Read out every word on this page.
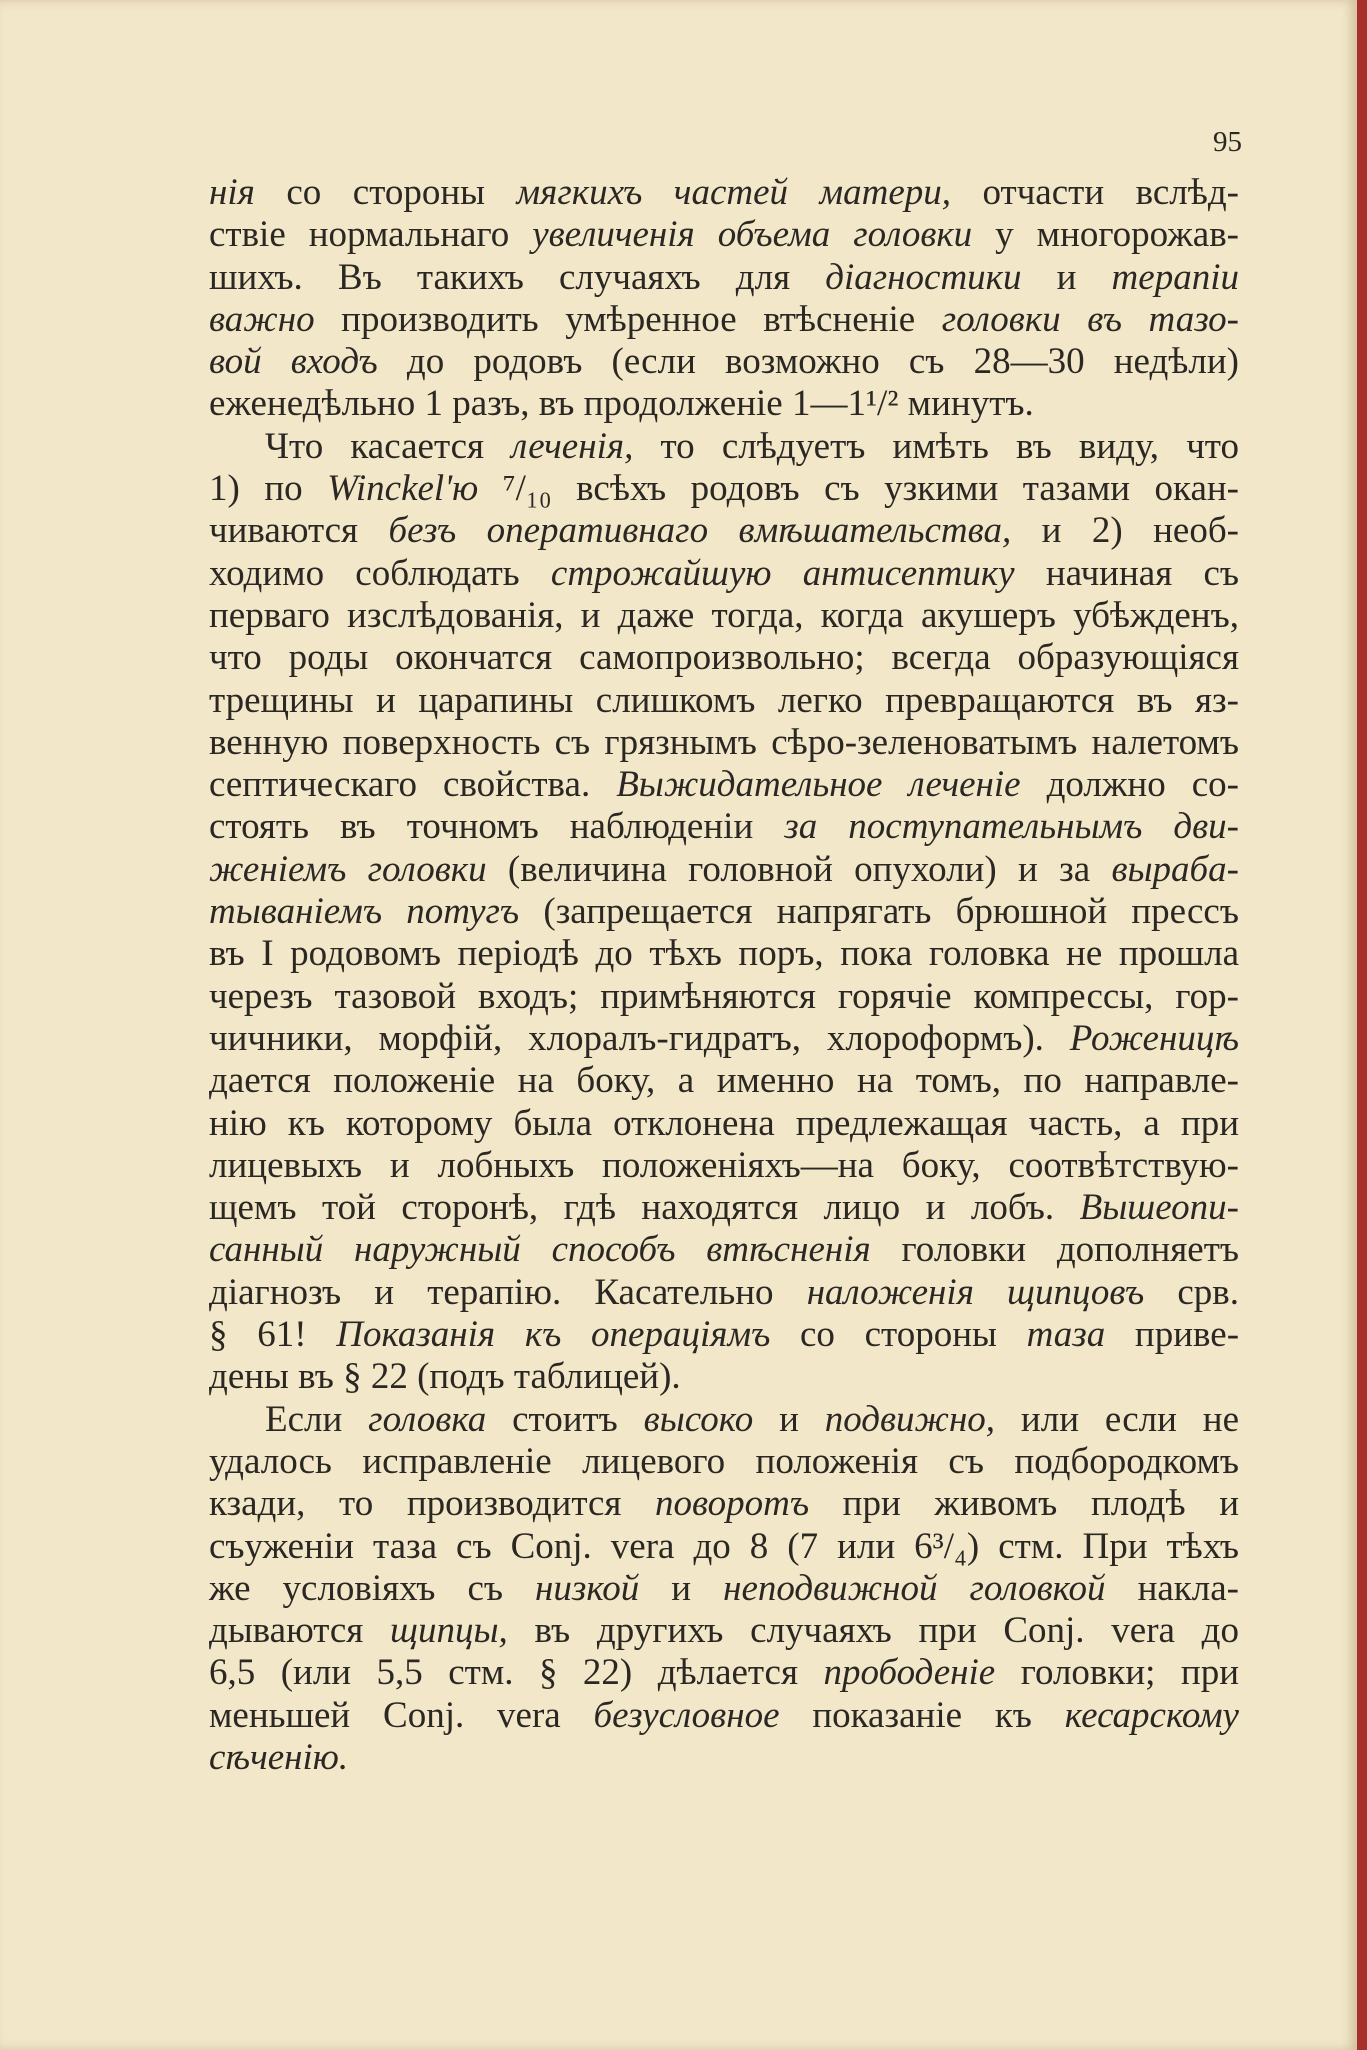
95
нія со стороны мягкихъ частей матери, отчасти вслѣд-
ствіе нормальнаго увеличенія объема головки у многорожав-
шихъ. Въ такихъ случаяхъ для діагностики и терапіи
важно производить умѣренное втѣсненіе головки въ тазо-
вой входъ до родовъ (если возможно съ 28—30 недѣли)
еженедѣльно 1 разъ, въ продолженіе 1—1¹/² минутъ.
Что касается леченія, то слѣдуетъ имѣть въ виду, что
1) по Winckel'ю ⁷/₁₀ всѣхъ родовъ съ узкими тазами окан-
чиваются безъ оперативнаго вмѣшательства, и 2) необ-
ходимо соблюдать строжайшую антисептику начиная съ
перваго изслѣдованія, и даже тогда, когда акушеръ убѣжденъ,
что роды окончатся самопроизвольно; всегда образующіяся
трещины и царапины слишкомъ легко превращаются въ яз-
венную поверхность съ грязнымъ сѣро-зеленоватымъ налетомъ
септическаго свойства. Выжидательное леченіе должно со-
стоять въ точномъ наблюденіи за поступательнымъ дви-
женіемъ головки (величина головной опухоли) и за выраба-
тываніемъ потугъ (запрещается напрягать брюшной прессъ
въ I родовомъ періодѣ до тѣхъ поръ, пока головка не прошла
черезъ тазовой входъ; примѣняются горячіе компрессы, гор-
чичники, морфій, хлоралъ-гидратъ, хлороформъ). Роженицѣ
дается положеніе на боку, а именно на томъ, по направле-
нію къ которому была отклонена предлежащая часть, а при
лицевыхъ и лобныхъ положеніяхъ—на боку, соотвѣтствую-
щемъ той сторонѣ, гдѣ находятся лицо и лобъ. Вышеопи-
санный наружный способъ втѣсненія головки дополняетъ
діагнозъ и терапію. Касательно наложенія щипцовъ срв.
§ 61! Показанія къ операціямъ со стороны таза приве-
дены въ § 22 (подъ таблицей).
Если головка стоитъ высоко и подвижно, или если не
удалось исправленіе лицевого положенія съ подбородкомъ
кзади, то производится поворотъ при живомъ плодѣ и
съуженіи таза съ Conj. vera до 8 (7 или 6³/₄) стм. При тѣхъ
же условіяхъ съ низкой и неподвижной головкой накла-
дываются щипцы, въ другихъ случаяхъ при Conj. vera до
6,5 (или 5,5 стм. § 22) дѣлается прободеніе головки; при
меньшей Conj. vera безусловное показаніе къ кесарскому
сѣченію.
